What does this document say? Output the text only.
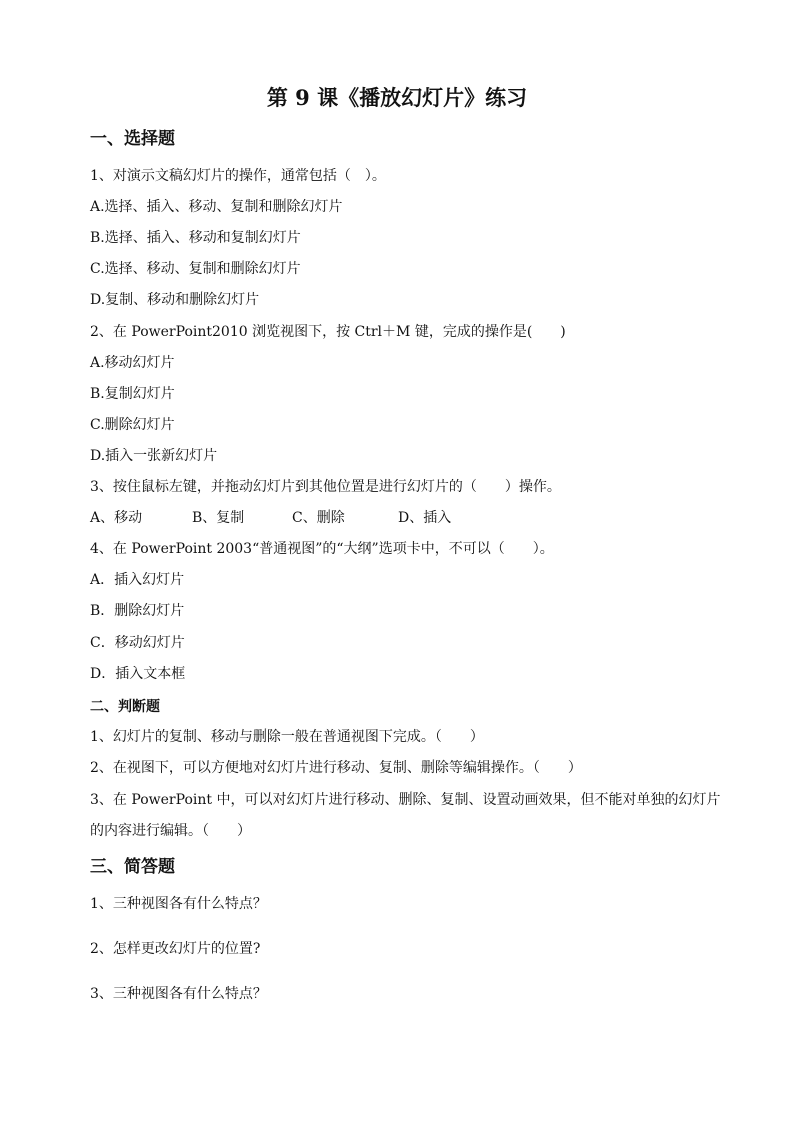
第 9 课《播放幻灯片》练习
一、选择题
1、对演示文稿幻灯片的操作，通常包括（　）。
A.选择、插入、移动、复制和删除幻灯片
B.选择、插入、移动和复制幻灯片
C.选择、移动、复制和删除幻灯片
D.复制、移动和删除幻灯片
2、在 PowerPoint2010 浏览视图下，按 Ctrl＋M 键，完成的操作是(　　)
A.移动幻灯片
B.复制幻灯片
C.删除幻灯片
D.插入一张新幻灯片
3、按住鼠标左键，并拖动幻灯片到其他位置是进行幻灯片的（　　）操作。
A、移动	B、复制	C、删除	D、插入
4、在 PowerPoint 2003“普通视图”的“大纲”选项卡中，不可以（　　）。
A．插入幻灯片
B．删除幻灯片
C．移动幻灯片
D．插入文本框
二、判断题
1、幻灯片的复制、移动与删除一般在普通视图下完成。（　　）
2、在视图下，可以方便地对幻灯片进行移动、复制、删除等编辑操作。（　　）
3、在 PowerPoint 中，可以对幻灯片进行移动、删除、复制、设置动画效果，但不能对单独的幻灯片
的内容进行编辑。（　　）
三、简答题
1、三种视图各有什么特点？
2、怎样更改幻灯片的位置?
3、三种视图各有什么特点？
